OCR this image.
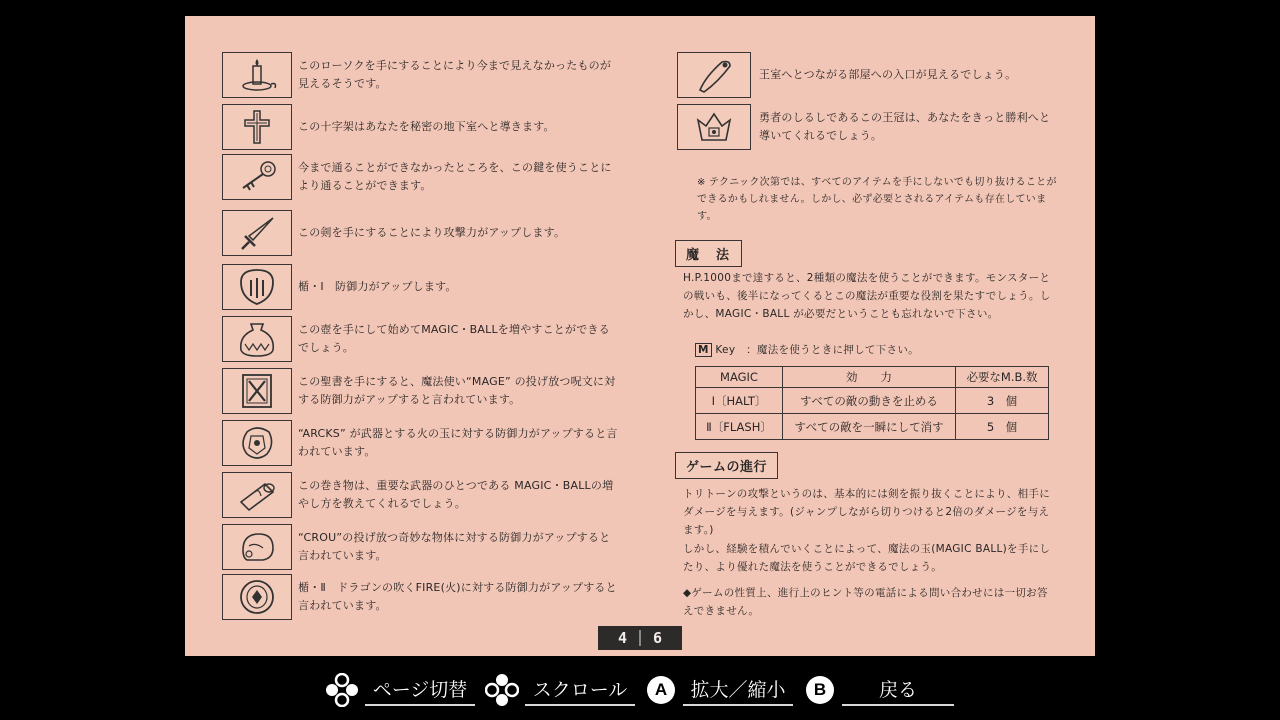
このローソクを手にすることにより今まで見えなかったものが見えるそうです。
この十字架はあなたを秘密の地下室へと導きます。
今まで通ることができなかったところを、この鍵を使うことにより通ることができます。
この剣を手にすることにより攻撃力がアップします。
楯・Ⅰ　防御力がアップします。
この壺を手にして始めてMAGIC・BALLを増やすことができるでしょう。
この聖書を手にすると、魔法使い“MAGE” の投げ放つ呪文に対する防御力がアップすると言われています。
“ARCKS” が武器とする火の玉に対する防御力がアップすると言われています。
この巻き物は、重要な武器のひとつである MAGIC・BALLの増やし方を教えてくれるでしょう。
“CROU”の投げ放つ奇妙な物体に対する防御力がアップすると言われています。
楯・Ⅱ　ドラゴンの吹くFIRE(火)に対する防御力がアップすると言われています。
王室へとつながる部屋への入口が見えるでしょう。
勇者のしるしであるこの王冠は、あなたをきっと勝利へと導いてくれるでしょう。
※ テクニック次第では、すべてのアイテムを手にしないでも切り抜けることができるかもしれません。しかし、必ず必要とされるアイテムも存在しています。
魔　法
H.P.1000まで達すると、2種類の魔法を使うことができます。モンスターとの戦いも、後半になってくるとこの魔法が重要な役割を果たすでしょう。しかし、MAGIC・BALL が必要だということも忘れないで下さい。
M Key　：魔法を使うときに押して下さい。
MAGIC	効　　力	必要なM.B.数
Ⅰ〔HALT〕	すべての敵の動きを止める	3　個
Ⅱ〔FLASH〕	すべての敵を一瞬にして消す	5　個
ゲームの進行
トリトーンの攻撃というのは、基本的には剣を振り抜くことにより、相手にダメージを与えます。(ジャンプしながら切りつけると2倍のダメージを与えます。)
しかし、経験を積んでいくことによって、魔法の玉(MAGIC BALL)を手にしたり、より優れた魔法を使うことができるでしょう。
◆ゲームの性質上、進行上のヒント等の電話による問い合わせには一切お答えできません。
4 6
ページ切替	スクロール	A	拡大／縮小	B	戻る
